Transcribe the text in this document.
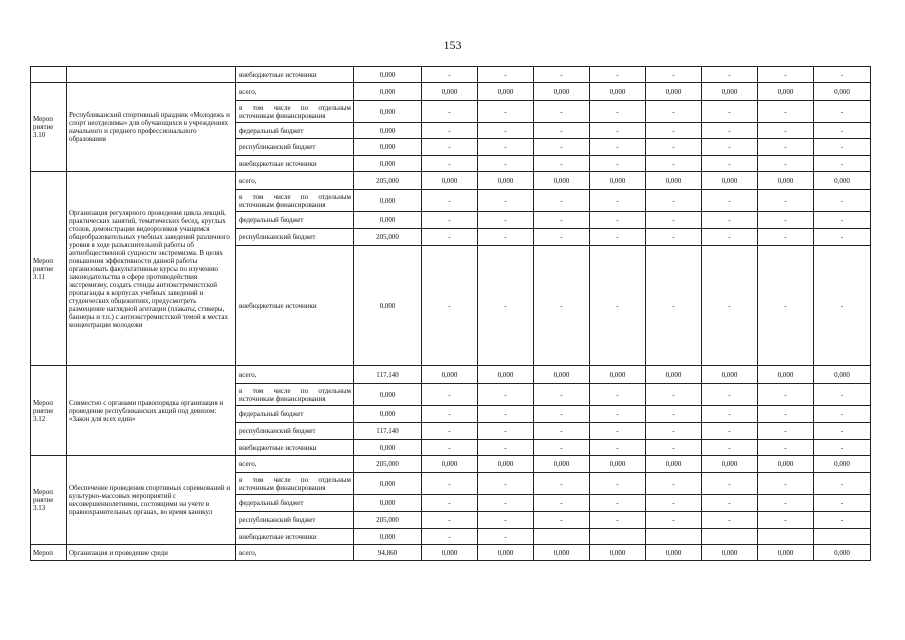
153
		внебюджетные источники	0,000	-	-	-	-	-	-	-	-
Мероп риятие 3.10	Республиканский спортивный праздник «Молодежь и спорт неотделимы» для обучающихся в учреждениях начального и среднего профессионального образования	всего,	0,000	0,000	0,000	0,000	0,000	0,000	0,000	0,000	0,000
		в том числе по отдельным источникам финансирования	0,000	-	-	-	-	-	-	-	-
		федеральный бюджет	0,000	-	-	-	-	-	-	-	-
		республиканский бюджет	0,000	-	-	-	-	-	-	-	-
		внебюджетные источники	0,000	-	-	-	-	-	-	-	-
Мероп риятие 3.11	Организация регулярного проведения цикла лекций, практических занятий, тематических бесед, круглых столов, демонстрации видеороликов учащимся общеобразовательных учебных заведений различного уровня в ходе разъяснительной работы об антиобщественной сущности экстремизма. В целях повышения эффективности данной работы организовать факультативные курсы по изучению законодательства в сфере противодействия экстремизму, создать стенды антиэкстремистской пропаганды в корпусах учебных заведений и студенческих общежитиях, предусмотреть размещение наглядной агитации (плакаты, стикеры, баннеры и т.п.) с антиэкстремистской темой в местах концентрации молодежи	всего,	205,000	0,000	0,000	0,000	0,000	0,000	0,000	0,000	0,000
		в том числе по отдельным источникам финансирования	0,000	-	-	-	-	-	-	-	-
		федеральный бюджет	0,000	-	-	-	-	-	-	-	-
		республиканский бюджет	205,000	-	-	-	-	-	-	-	-
		внебюджетные источники	0,000	-	-	-	-	-	-	-	-
Мероп риятие 3.12	Совместно с органами правопорядка организация и проведение республиканских акций под девизом: «Закон для всех един»	всего,	117,140	0,000	0,000	0,000	0,000	0,000	0,000	0,000	0,000
		в том числе по отдельным источникам финансирования	0,000	-	-	-	-	-	-	-	-
		федеральный бюджет	0,000	-	-	-	-	-	-	-	-
		республиканский бюджет	117,140	-	-	-	-	-	-	-	-
		внебюджетные источники	0,000	-	-	-	-	-	-	-	-
Мероп риятие 3.13	Обеспечение проведения спортивных соревнований и культурно-массовых мероприятий с несовершеннолетними, состоящими на учете в правоохранительных органах, во время каникул	всего,	205,000	0,000	0,000	0,000	0,000	0,000	0,000	0,000	0,000
		в том числе по отдельным источникам финансирования	0,000	-	-	-	-	-	-	-	-
		федеральный бюджет	0,000	-	-	-	-	-	-	-	-
		республиканский бюджет	205,000	-	-	-	-	-	-	-	-
		внебюджетные источники	0,000	-	-						
Мероп	Организация и проведение среди	всего,	94,860	0,000	0,000	0,000	0,000	0,000	0,000	0,000	0,000
